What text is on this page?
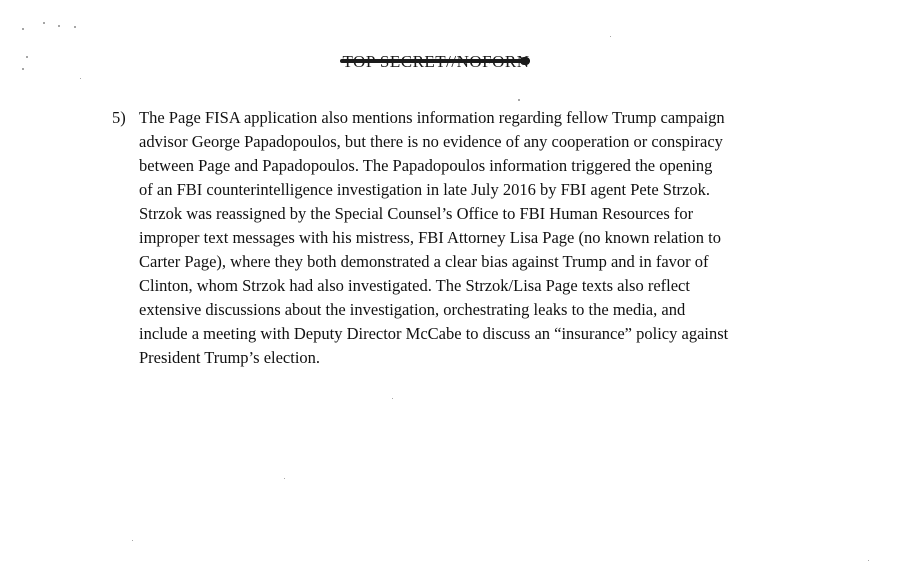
5) The Page FISA application also mentions information regarding fellow Trump campaign
advisor George Papadopoulos, but there is no evidence of any cooperation or conspiracy
between Page and Papadopoulos. The Papadopoulos information triggered the opening
of an FBI counterintelligence investigation in late July 2016 by FBI agent Pete Strzok.
Strzok was reassigned by the Special Counsel’s Office to FBI Human Resources for
improper text messages with his mistress, FBI Attorney Lisa Page (no known relation to
Carter Page), where they both demonstrated a clear bias against Trump and in favor of
Clinton, whom Strzok had also investigated. The Strzok/Lisa Page texts also reflect
extensive discussions about the investigation, orchestrating leaks to the media, and
include a meeting with Deputy Director McCabe to discuss an “insurance” policy against
President Trump’s election.
